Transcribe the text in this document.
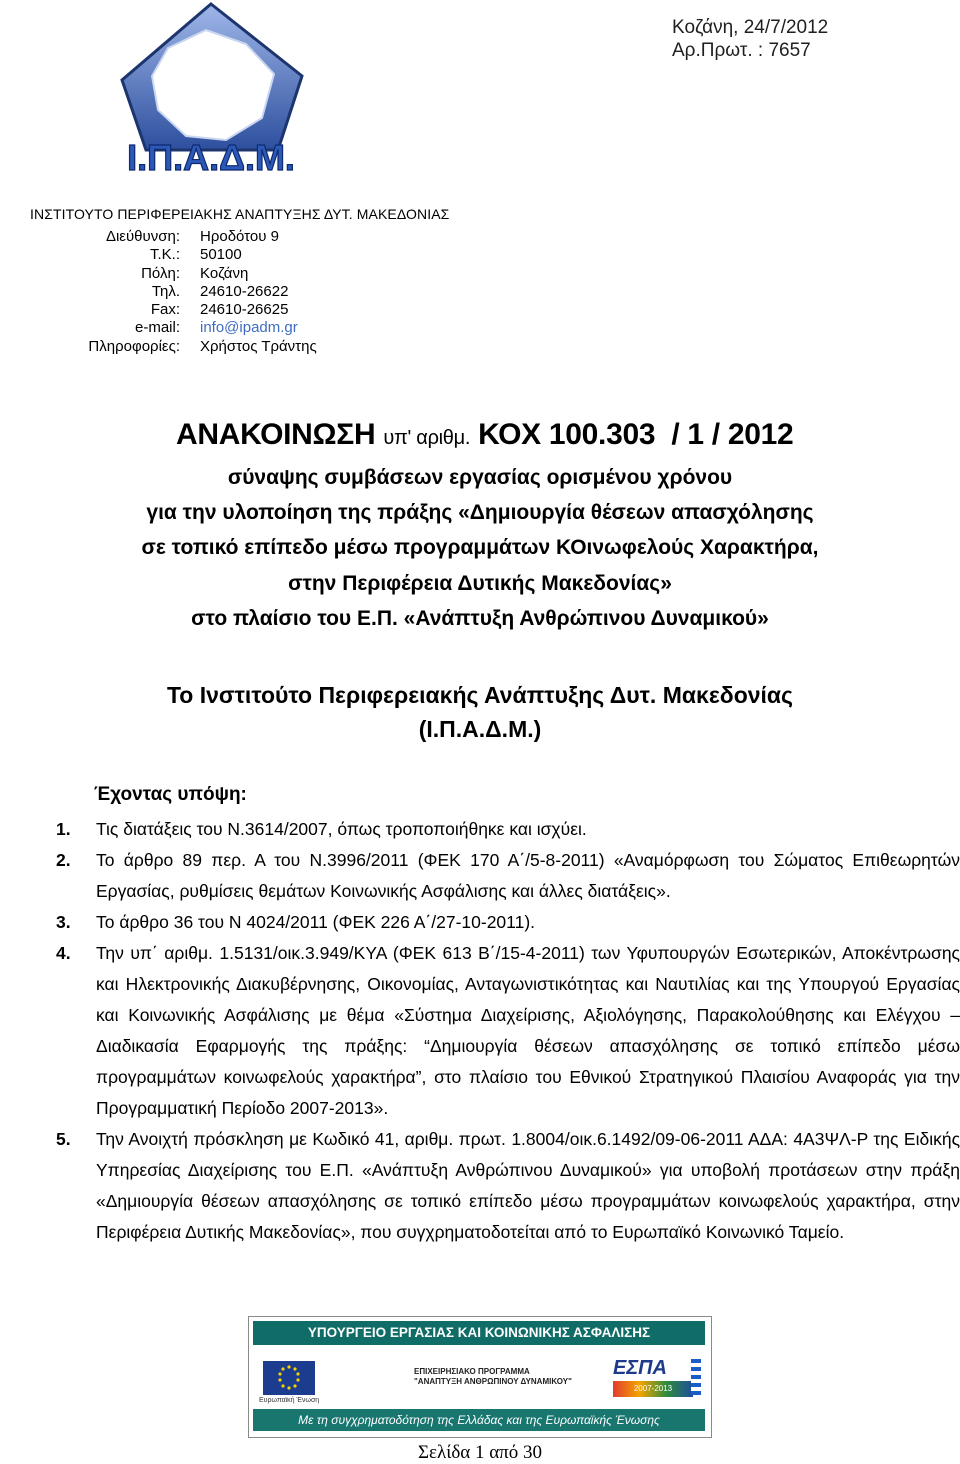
Κοζάνη, 24/7/2012
Αρ.Πρωτ. : 7657
Ι.Π.Α.Δ.Μ.
ΙΝΣΤΙΤΟΥΤΟ ΠΕΡΙΦΕΡΕΙΑΚΗΣ ΑΝΑΠΤΥΞΗΣ ΔΥΤ. ΜΑΚΕΔΟΝΙΑΣ
Διεύθυνση:	Ηροδότου 9
Τ.Κ.:	50100
Πόλη:	Κοζάνη
Τηλ.	24610-26622
Fax:	24610-26625
e-mail:	info@ipadm.gr
Πληροφορίες:	Χρήστος Τράντης
ΑΝΑΚΟΙΝΩΣΗ υπ' αριθμ. ΚΟΧ 100.303  / 1 / 2012
σύναψης συμβάσεων εργασίας ορισμένου χρόνου
για την υλοποίηση της πράξης «Δημιουργία θέσεων απασχόλησης
σε τοπικό επίπεδο μέσω προγραμμάτων ΚΟινωφελούς Χαρακτήρα,
στην Περιφέρεια Δυτικής Μακεδονίας»
στο πλαίσιο του Ε.Π. «Ανάπτυξη Ανθρώπινου Δυναμικού»
Το Ινστιτούτο Περιφερειακής Ανάπτυξης Δυτ. Μακεδονίας
(Ι.Π.Α.Δ.Μ.)
Έχοντας υπόψη:
1.	Τις διατάξεις του Ν.3614/2007, όπως τροποποιήθηκε και ισχύει.
2.	Το άρθρο 89 περ. Α του Ν.3996/2011 (ΦΕΚ 170 Α΄/5-8-2011) «Αναμόρφωση του Σώματος Επιθεωρητών Εργασίας, ρυθμίσεις θεμάτων Κοινωνικής Ασφάλισης και άλλες διατάξεις».
3.	Το άρθρο 36 του Ν 4024/2011 (ΦΕΚ 226 Α΄/27-10-2011).
4.	Την υπ΄ αριθμ. 1.5131/οικ.3.949/ΚΥΑ (ΦΕΚ 613 Β΄/15-4-2011) των Υφυπουργών Εσωτερικών, Αποκέντρωσης και Ηλεκτρονικής Διακυβέρνησης, Οικονομίας, Ανταγωνιστικότητας και Ναυτιλίας και της Υπουργού Εργασίας και Κοινωνικής Ασφάλισης με θέμα «Σύστημα Διαχείρισης, Αξιολόγησης, Παρακολούθησης και Ελέγχου – Διαδικασία Εφαρμογής της πράξης: “Δημιουργία θέσεων απασχόλησης σε τοπικό επίπεδο μέσω προγραμμάτων κοινωφελούς χαρακτήρα”, στο πλαίσιο του Εθνικού Στρατηγικού Πλαισίου Αναφοράς για την Προγραμματική Περίοδο 2007-2013».
5.	Την Ανοιχτή πρόσκληση με Κωδικό 41, αριθμ. πρωτ. 1.8004/οικ.6.1492/09-06-2011 ΑΔΑ: 4Α3ΨΛ-Ρ της Ειδικής Υπηρεσίας Διαχείρισης του Ε.Π. «Ανάπτυξη Ανθρώπινου Δυναμικού» για υποβολή προτάσεων στην πράξη «Δημιουργία θέσεων απασχόλησης σε τοπικό επίπεδο μέσω προγραμμάτων κοινωφελούς χαρακτήρα, στην Περιφέρεια Δυτικής Μακεδονίας», που συγχρηματοδοτείται από το Ευρωπαϊκό Κοινωνικό Ταμείο.
ΥΠΟΥΡΓΕΙΟ ΕΡΓΑΣΙΑΣ ΚΑΙ ΚΟΙΝΩΝΙΚΗΣ ΑΣΦΑΛΙΣΗΣ
Ευρωπαϊκή Ένωση
ΕΠΙΧΕΙΡΗΣΙΑΚΟ ΠΡΟΓΡΑΜΜΑ
"ΑΝΑΠΤΥΞΗ ΑΝΘΡΩΠΙΝΟΥ ΔΥΝΑΜΙΚΟΥ"
ΕΣΠΑ
2007-2013
Με τη συγχρηματοδότηση της Ελλάδας και της Ευρωπαϊκής Ένωσης
Σελίδα 1 από 30
